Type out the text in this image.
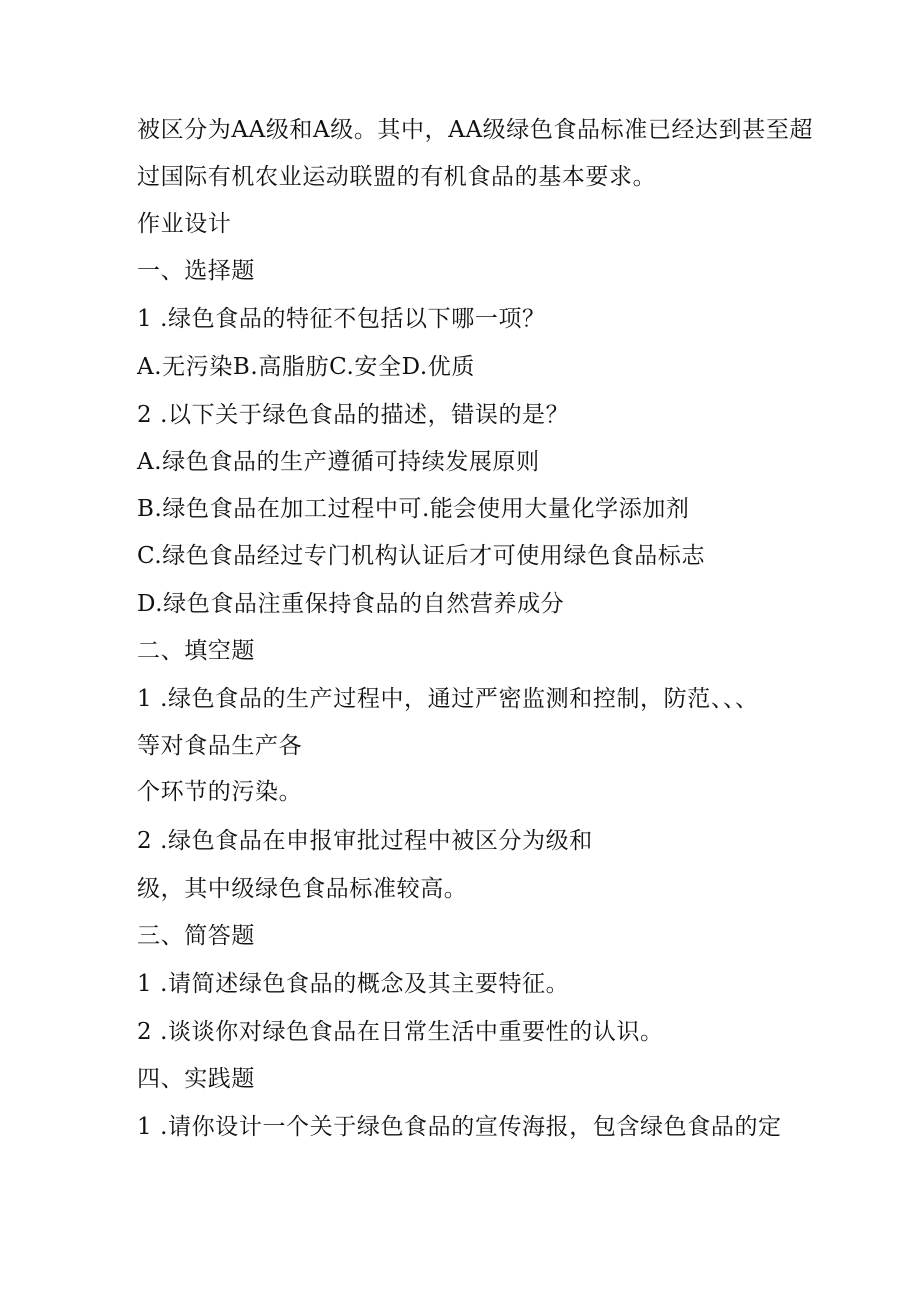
被区分为AA级和A级。其中，AA级绿色食品标准已经达到甚至超
过国际有机农业运动联盟的有机食品的基本要求。
作业设计
一、选择题
1 .绿色食品的特征不包括以下哪一项？
A.无污染B.高脂肪C.安全D.优质
2 .以下关于绿色食品的描述，错误的是？
A.绿色食品的生产遵循可持续发展原则
B.绿色食品在加工过程中可.能会使用大量化学添加剂
C.绿色食品经过专门机构认证后才可使用绿色食品标志
D.绿色食品注重保持食品的自然营养成分
二、填空题
1 .绿色食品的生产过程中，通过严密监测和控制，防范、、、
等对食品生产各
个环节的污染。
2 .绿色食品在申报审批过程中被区分为级和
级，其中级绿色食品标准较高。
三、简答题
1 .请简述绿色食品的概念及其主要特征。
2 .谈谈你对绿色食品在日常生活中重要性的认识。
四、实践题
1 .请你设计一个关于绿色食品的宣传海报，包含绿色食品的定
